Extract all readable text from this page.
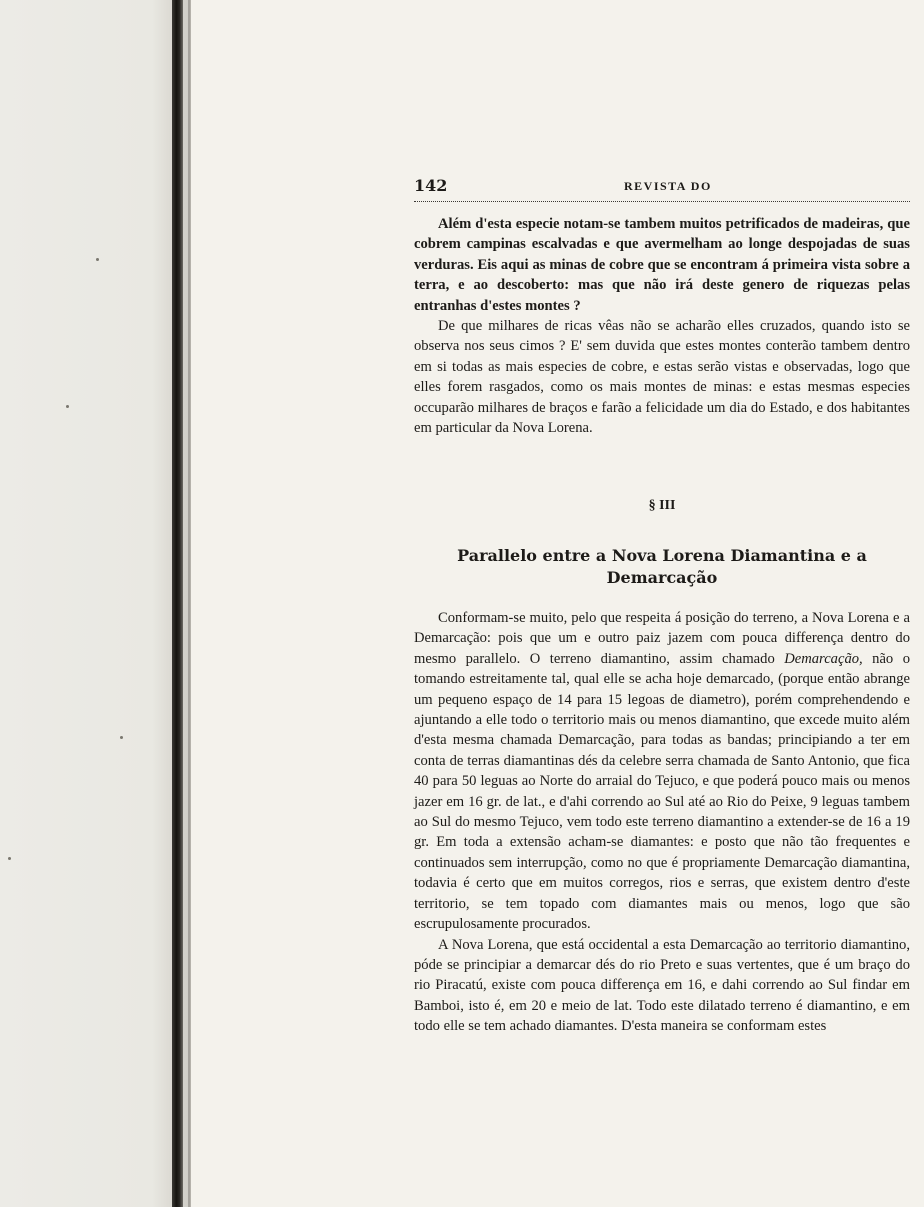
142	REVISTA DO

Além d'esta especie notam-se tambem muitos petrificados de madeiras, que cobrem campinas escalvadas e que avermelham ao longe despojadas de suas verduras. Eis aqui as minas de cobre que se encontram á primeira vista sobre a terra, e ao descoberto: mas que não irá deste genero de riquezas pelas entranhas d'estes montes ?

De que milhares de ricas vêas não se acharão elles cruzados, quando isto se observa nos seus cimos ? E' sem duvida que estes montes conterão tambem dentro em si todas as mais especies de cobre, e estas serão vistas e observadas, logo que elles forem rasgados, como os mais montes de minas: e estas mesmas especies occuparão milhares de braços e farão a felicidade um dia do Estado, e dos habitantes em particular da Nova Lorena.

§ III
Parallelo entre a Nova Lorena Diamantina e a Demarcação

Conformam-se muito, pelo que respeita á posição do terreno, a Nova Lorena e a Demarcação: pois que um e outro paiz jazem com pouca differença dentro do mesmo parallelo. O terreno diamantino, assim chamado Demarcação, não o tomando estreitamente tal, qual elle se acha hoje demarcado, (porque então abrange um pequeno espaço de 14 para 15 legoas de diametro), porém comprehendendo e ajuntando a elle todo o territorio mais ou menos diamantino, que excede muito além d'esta mesma chamada Demarcação, para todas as bandas; principiando a ter em conta de terras diamantinas dés da celebre serra chamada de Santo Antonio, que fica 40 para 50 leguas ao Norte do arraial do Tejuco, e que poderá pouco mais ou menos jazer em 16 gr. de lat., e d'ahi correndo ao Sul até ao Rio do Peixe, 9 leguas tambem ao Sul do mesmo Tejuco, vem todo este terreno diamantino a extender-se de 16 a 19 gr. Em toda a extensão acham-se diamantes: e posto que não tão frequentes e continuados sem interrupção, como no que é propriamente Demarcação diamantina, todavia é certo que em muitos corregos, rios e serras, que existem dentro d'este territorio, se tem topado com diamantes mais ou menos, logo que são escrupulosamente procurados.

A Nova Lorena, que está occidental a esta Demarcação ao territorio diamantino, póde se principiar a demarcar dés do rio Preto e suas vertentes, que é um braço do rio Piracatú, existe com pouca differença em 16, e dahi correndo ao Sul findar em Bamboi, isto é, em 20 e meio de lat. Todo este dilatado terreno é diamantino, e em todo elle se tem achado diamantes. D'esta maneira se conformam estes
